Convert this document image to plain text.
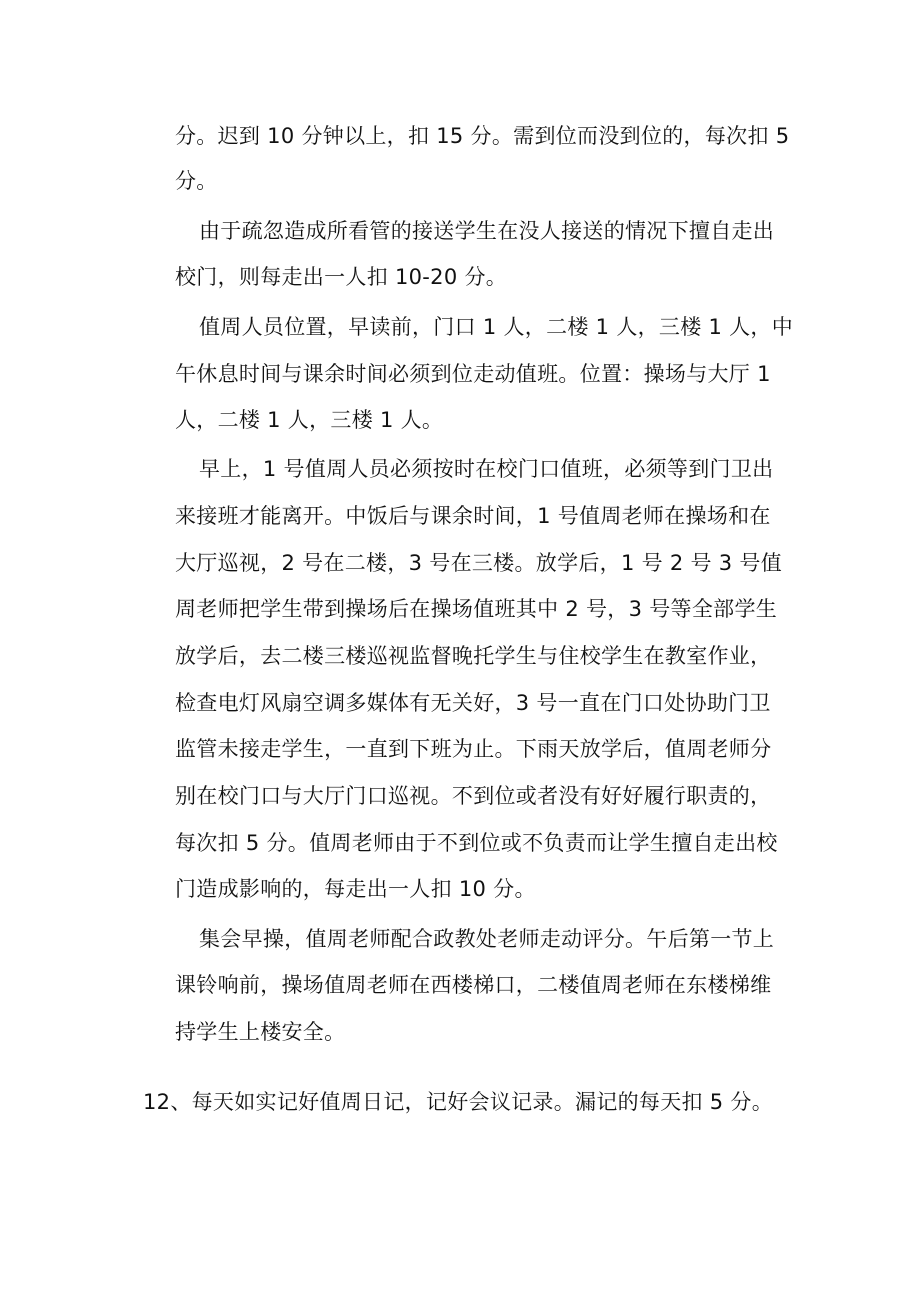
分。迟到 10 分钟以上，扣 15 分。需到位而没到位的，每次扣 5
分。
由于疏忽造成所看管的接送学生在没人接送的情况下擅自走出
校门，则每走出一人扣 10-20 分。
值周人员位置，早读前，门口 1 人，二楼 1 人，三楼 1 人，中
午休息时间与课余时间必须到位走动值班。位置：操场与大厅 1
人，二楼 1 人，三楼 1 人。
早上，1 号值周人员必须按时在校门口值班，必须等到门卫出
来接班才能离开。中饭后与课余时间，1 号值周老师在操场和在
大厅巡视，2 号在二楼，3 号在三楼。放学后，1 号 2 号 3 号值
周老师把学生带到操场后在操场值班其中 2 号，3 号等全部学生
放学后，去二楼三楼巡视监督晚托学生与住校学生在教室作业，
检查电灯风扇空调多媒体有无关好，3 号一直在门口处协助门卫
监管未接走学生，一直到下班为止。下雨天放学后，值周老师分
别在校门口与大厅门口巡视。不到位或者没有好好履行职责的，
每次扣 5 分。值周老师由于不到位或不负责而让学生擅自走出校
门造成影响的，每走出一人扣 10 分。
集会早操，值周老师配合政教处老师走动评分。午后第一节上
课铃响前，操场值周老师在西楼梯口，二楼值周老师在东楼梯维
持学生上楼安全。
12、每天如实记好值周日记，记好会议记录。漏记的每天扣 5 分。
